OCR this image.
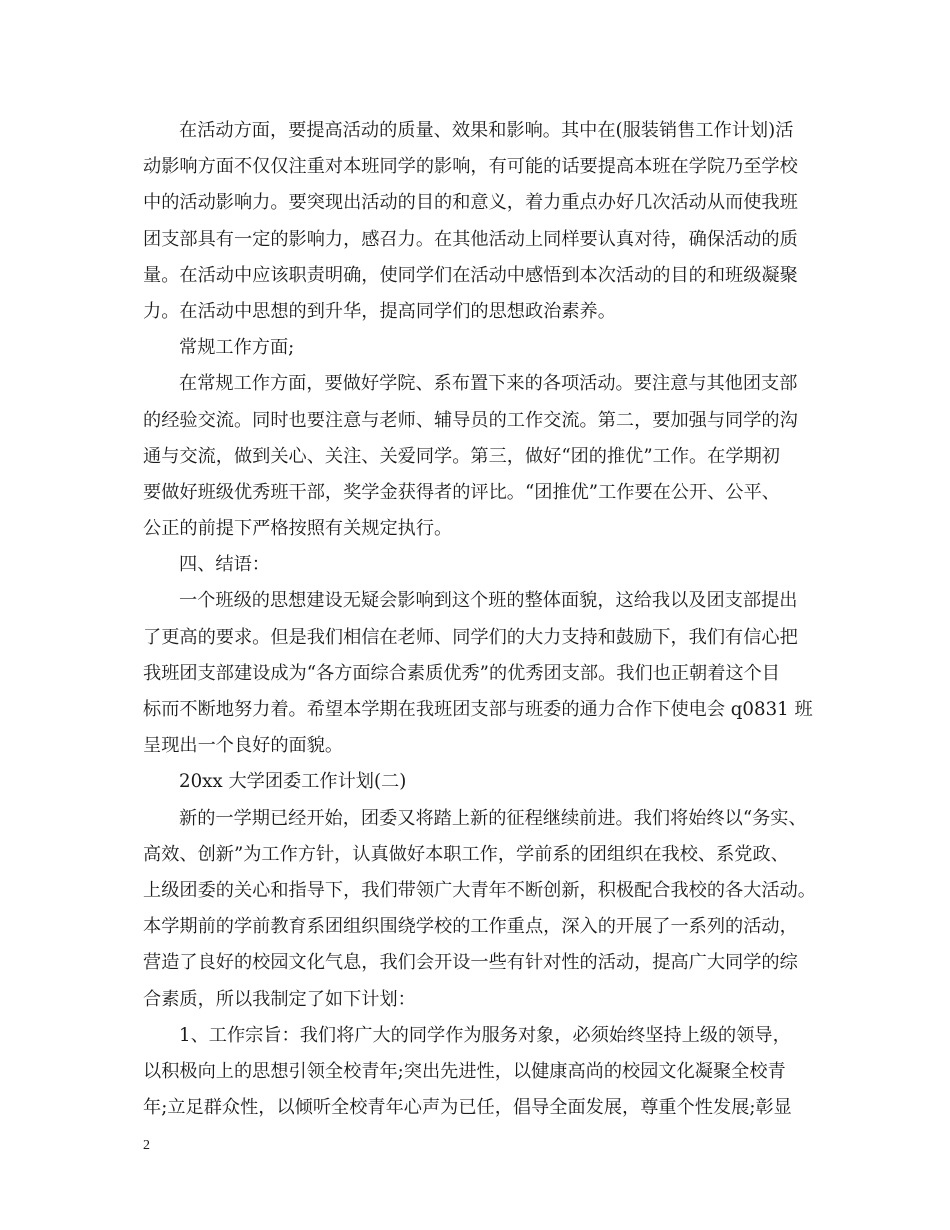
在活动方面，要提高活动的质量、效果和影响。其中在(服装销售工作计划)活
动影响方面不仅仅注重对本班同学的影响，有可能的话要提高本班在学院乃至学校
中的活动影响力。要突现出活动的目的和意义，着力重点办好几次活动从而使我班
团支部具有一定的影响力，感召力。在其他活动上同样要认真对待，确保活动的质
量。在活动中应该职责明确，使同学们在活动中感悟到本次活动的目的和班级凝聚
力。在活动中思想的到升华，提高同学们的思想政治素养。
常规工作方面;
在常规工作方面，要做好学院、系布置下来的各项活动。要注意与其他团支部
的经验交流。同时也要注意与老师、辅导员的工作交流。第二，要加强与同学的沟
通与交流，做到关心、关注、关爱同学。第三，做好“团的推优”工作。在学期初
要做好班级优秀班干部，奖学金获得者的评比。“团推优”工作要在公开、公平、
公正的前提下严格按照有关规定执行。
四、结语：
一个班级的思想建设无疑会影响到这个班的整体面貌，这给我以及团支部提出
了更高的要求。但是我们相信在老师、同学们的大力支持和鼓励下，我们有信心把
我班团支部建设成为“各方面综合素质优秀”的优秀团支部。我们也正朝着这个目
标而不断地努力着。希望本学期在我班团支部与班委的通力合作下使电会 q0831 班
呈现出一个良好的面貌。
20xx 大学团委工作计划(二)
新的一学期已经开始，团委又将踏上新的征程继续前进。我们将始终以“务实、
高效、创新”为工作方针，认真做好本职工作，学前系的团组织在我校、系党政、
上级团委的关心和指导下，我们带领广大青年不断创新，积极配合我校的各大活动。
本学期前的学前教育系团组织围绕学校的工作重点，深入的开展了一系列的活动，
营造了良好的校园文化气息，我们会开设一些有针对性的活动，提高广大同学的综
合素质，所以我制定了如下计划：
1、工作宗旨：我们将广大的同学作为服务对象，必须始终坚持上级的领导，
以积极向上的思想引领全校青年;突出先进性，以健康高尚的校园文化凝聚全校青
年;立足群众性，以倾听全校青年心声为已任，倡导全面发展，尊重个性发展;彰显
2
